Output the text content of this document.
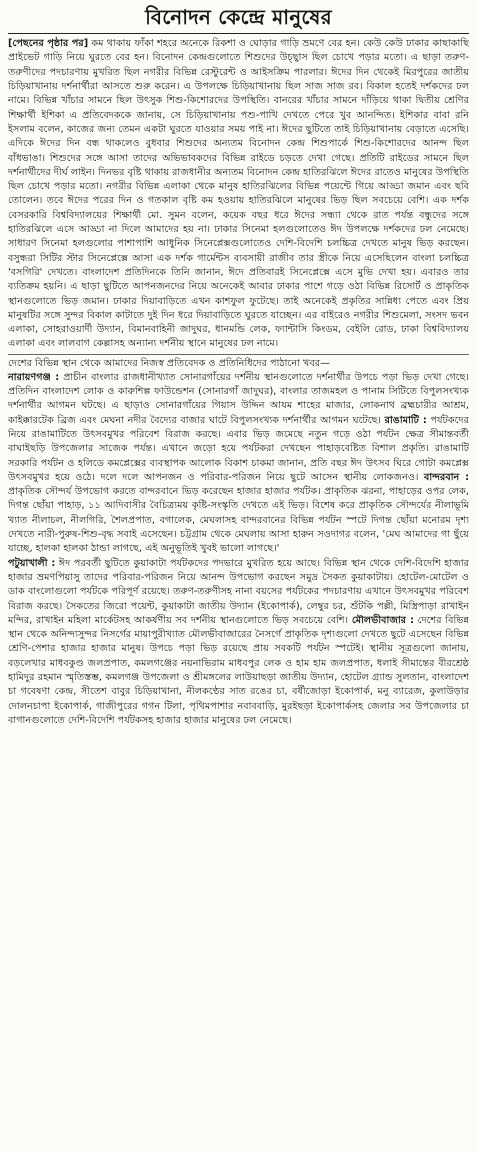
বিনোদন কেন্দ্রে মানুষের

[পেছনের পৃষ্ঠার পর] কম থাকায় ফাঁকা শহরে অনেকে রিকশা ও ঘোড়ার গাড়ি ভ্রমণে বের হন। কেউ কেউ ঢাকার কাছাকাছি প্রাইভেট গাড়ি নিয়ে ঘুরতে বের হন। বিনোদন কেন্দ্রগুলোতে শিশুদের উচ্ছ্বাস ছিল চোখে পড়ার মতো। এ ছাড়া তরুণ-তরুণীদের পদচারণায় মুখরিত ছিল নগরীর বিভিন্ন রেস্টুরেন্ট ও আইসক্রিম পারলার। ঈদের দিন থেকেই মিরপুরের জাতীয় চিড়িয়াখানায় দর্শনার্থীরা আসতে শুরু করেন। এ উপলক্ষে চিড়িয়াখানায় ছিল সাজ সাজ রব। বিকাল হতেই দর্শকদের ঢল নামে। বিভিন্ন খাঁচার সামনে ছিল উৎসুক শিশু-কিশোরদের উপস্থিতি। বানরের খাঁচার সামনে দাঁড়িয়ে থাকা দ্বিতীয় শ্রেণির শিক্ষার্থী ইশিকা এ প্রতিবেদককে জানায়, সে চিড়িয়াখানায় পশু-পাখি দেখতে পেরে খুব আনন্দিত। ইশিকার বাবা রনি ইসলাম বলেন, কাজের জন্য তেমন একটা ঘুরতে যাওয়ার সময় পাই না। ঈদের ছুটিতে তাই চিড়িয়াখানায় বেড়াতে এসেছি। এদিকে ঈদের দিন বন্ধ থাকলেও বুধবার শিশুদের অন্যতম বিনোদন কেন্দ্র শিশুপার্কে শিশু-কিশোরদের আনন্দ ছিল বাঁধভাঙা। শিশুদের সঙ্গে আসা তাদের অভিভাবকদের বিভিন্ন রাইডে চড়তে দেখা গেছে। প্রতিটি রাইডের সামনে ছিল দর্শনার্থীদের দীর্ঘ লাইন। দিনভর বৃষ্টি থাকায় রাজধানীর অন্যতম বিনোদন কেন্দ্র হাতিরঝিলে ঈদের রাতেও মানুষের উপস্থিতি ছিল চোখে পড়ার মতো। নগরীর বিভিন্ন এলাকা থেকে মানুষ হাতিরঝিলের বিভিন্ন পয়েন্টে গিয়ে আড্ডা জমান এবং ছবি তোলেন। তবে ঈদের পরের দিন ও গতকাল বৃষ্টি কম হওয়ায় হাতিরঝিলে মানুষের ভিড় ছিল সবচেয়ে বেশি। এক দর্শক বেসরকারি বিশ্ববিদ্যালয়ের শিক্ষার্থী মো. সুমন বলেন, কয়েক বছর ধরে ঈদের সন্ধ্যা থেকে রাত পর্যন্ত বন্ধুদের সঙ্গে হাতিরঝিলে এসে আড্ডা না দিলে আমাদের হয় না। ঢাকার সিনেমা হলগুলোতেও ঈদ উপলক্ষে দর্শকদের ঢল নেমেছে। সাধারণ সিনেমা হলগুলোর পাশাপাশি আধুনিক সিনেপ্লেক্সগুলোতেও দেশি-বিদেশি চলচ্চিত্র দেখতে মানুষ ভিড় করছেন। বসুন্ধরা সিটির স্টার সিনেপ্লেক্সে আসা এক দর্শক গার্মেন্টস ব্যবসায়ী রাজীব তার স্ত্রীকে নিয়ে এসেছিলেন বাংলা চলচ্চিত্র 'বসগিরি' দেখতে। বাংলাদেশ প্রতিদিনকে তিনি জানান, ঈদে প্রতিবারই সিনেপ্লেক্সে এসে মুভি দেখা হয়। এবারও তার ব্যতিক্রম হয়নি। এ ছাড়া ছুটিতে আপনজনদের নিয়ে অনেকেই আবার ঢাকার পাশে গড়ে ওঠা বিভিন্ন রিসোর্ট ও প্রাকৃতিক স্থানগুলোতে ভিড় জমান। ঢাকার দিয়াবাড়িতে এখন কাশফুল ফুটেছে। তাই অনেকেই প্রকৃতির সান্নিধ্য পেতে এবং প্রিয় মানুষটির সঙ্গে সুন্দর বিকাল কাটাতে দুই দিন ধরে দিয়াবাড়িতে ঘুরতে যাচ্ছেন। এর বাইরেও নগরীর শিশুমেলা, সংসদ ভবন এলাকা, সোহরাওয়ার্দী উদ্যান, বিমানবাহিনী জাদুঘর, ধানমন্ডি লেক, ফ্যান্টাসি কিংডম, বেইলি রোড, ঢাকা বিশ্ববিদ্যালয় এলাকা এবং লালবাগ কেল্লাসহ অন্যান্য দর্শনীয় স্থানে মানুষের ঢল নামে।

দেশের বিভিন্ন স্থান থেকে আমাদের নিজস্ব প্রতিবেদক ও প্রতিনিধিদের পাঠানো খবর—
নারায়ণগঞ্জ : প্রাচীন বাংলার রাজধানীখ্যাত সোনারগাঁয়ের দর্শনীয় স্থানগুলোতে দর্শনার্থীর উপচে পড়া ভিড় দেখা গেছে। প্রতিদিন বাংলাদেশ লোক ও কারুশিল্প ফাউন্ডেশন (সোনারগাঁ জাদুঘর), বাংলার তাজমহল ও পানাম সিটিতে বিপুলসংখ্যক দর্শনার্থীর আগমন ঘটছে। এ ছাড়াও সোনারগাঁয়ের গিয়াস উদ্দিন আযম শাহের মাজার, লোকনাথ ব্রহ্মচারীর আশ্রম, কাইক্কারটেক ব্রিজ এবং মেঘনা নদীর বৈদ্যের বাজার ঘাটে বিপুলসংখ্যক দর্শনার্থীর আগমন ঘটেছে। রাঙামাটি : পর্যটকদের নিয়ে রাঙামাটিতে উৎসবমুখর পরিবেশ বিরাজ করছে। এবার ভিড় জমেছে নতুন গড়ে ওঠা পর্যটন ক্ষেত্র সীমান্তবর্তী বাঘাইছড়ি উপজেলার সাজেক পর্যন্ত। এখানে জড়ো হয়ে পর্যটকরা দেখছেন পাহাড়বেষ্টিত বিশাল প্রকৃতি। রাঙামাটি সরকারি পর্যটন ও হলিডে কমপ্লেক্সের ব্যবস্থাপক আলোক বিকাশ চাকমা জানান, প্রতি বছর ঈদ উৎসব ঘিরে গোটা কমপ্লেক্স উৎসবমুখর হয়ে ওঠে। দলে দলে আপনজন ও পরিবার-পরিজন নিয়ে ছুটে আসেন স্থানীয় লোকজনও। বান্দরবান : প্রাকৃতিক সৌন্দর্য উপভোগ করতে বান্দরবানে ভিড় করেছেন হাজার হাজার পর্যটক। প্রাকৃতিক ঝরনা, পাহাড়ের ওপর লেক, দিগন্ত ছোঁয়া পাহাড়, ১১ আদিবাসীর বৈচিত্র্যময় কৃষ্টি-সংস্কৃতি দেখতে এই ভিড়। বিশেষ করে প্রাকৃতিক সৌন্দর্যের নীলাভূমি খ্যাত নীলাচল, নীলগিরি, শৈলপ্রপাত, বগালেক, মেঘলাসহ বান্দরবানের বিভিন্ন পর্যটন স্পটে দিগন্ত ছোঁয়া মনোরম দৃশ্য দেখতে নারী-পুরুষ-শিশু-বৃদ্ধ সবাই এসেছেন। চট্টগ্রাম থেকে মেঘলায় আসা হারুন সওদাগর বলেন, 'মেঘ আমাদের গা ছুঁয়ে যাচ্ছে, হালকা হালকা ঠান্ডা লাগছে, এই অনুভূতিই খুবই ভালো লাগছে।'
পটুয়াখালী : ঈদ পরবর্তী ছুটিতে কুয়াকাটা পর্যটকদের পদভারে মুখরিত হয়ে আছে। বিভিন্ন স্থান থেকে দেশি-বিদেশি হাজার হাজার ভ্রমণপিয়াসু তাদের পরিবার-পরিজন নিয়ে আনন্দ উপভোগ করছেন সমুদ্র সৈকত কুয়াকাটায়। হোটেল-মোটেল ও ডাক বাংলোগুলো পর্যটকে পরিপূর্ণ রয়েছে। তরুণ-তরুণীসহ নানা বয়সের পর্যটকের পদচারণায় এখানে উৎসবমুখর পরিবেশ বিরাজ করছে। সৈকতের জিরো পয়েন্ট, কুয়াকাটা জাতীয় উদ্যান (ইকোপার্ক), লেম্বুর চর, শুঁটকি পল্লী, মিস্ত্রিপাড়া রাখাইন মন্দির, রাখাইন মহিলা মার্কেটসহ আকর্ষণীয় সব দর্শনীয় স্থানগুলোতে ভিড় সবচেয়ে বেশি। মৌলভীবাজার : দেশের বিভিন্ন স্থান থেকে অনিন্দ্যসুন্দর নিসর্গের মায়াপুরীখ্যাত মৌলভীবাজারের নৈসর্গে প্রাকৃতিক দৃশ্যগুলো দেখতে ছুটে এসেছেন বিভিন্ন শ্রেণি-পেশার হাজার হাজার মানুষ। উপচে পড়া ভিড় রয়েছে প্রায় সবকটি পর্যটন স্পটেই। স্থানীয় সূত্রগুলো জানায়, বড়লেখার মাধবকুণ্ড জলপ্রপাত, কমলগঞ্জের নয়নাভিরাম মাধবপুর লেক ও হাম হাম জলপ্রপাত, ধলাই সীমান্তের বীরশ্রেষ্ঠ হামিদুর রহমান স্মৃতিস্তম্ভ, কমলগঞ্জ উপজেলা ও শ্রীমঙ্গলের লাউয়াছড়া জাতীয় উদ্যান, হোটেল গ্র্যান্ড সুলতান, বাংলাদেশ চা গবেষণা কেন্দ্র, সীতেশ বাবুর চিড়িয়াখানা, নীলকণ্ঠের সাত রঙের চা, বর্ষীজোড়া ইকোপার্ক, মনু ব্যারেজ, কুলাউড়ার দোলনচাপা ইকোপার্ক, গাজীপুরের গগন টিলা, পৃথিমপাশার নবাববাড়ি, মুরইছড়া ইকোপার্কসহ জেলার সব উপজেলার চা বাগানগুলোতে দেশি-বিদেশি পর্যটকসহ হাজার হাজার মানুষের ঢল নেমেছে।
